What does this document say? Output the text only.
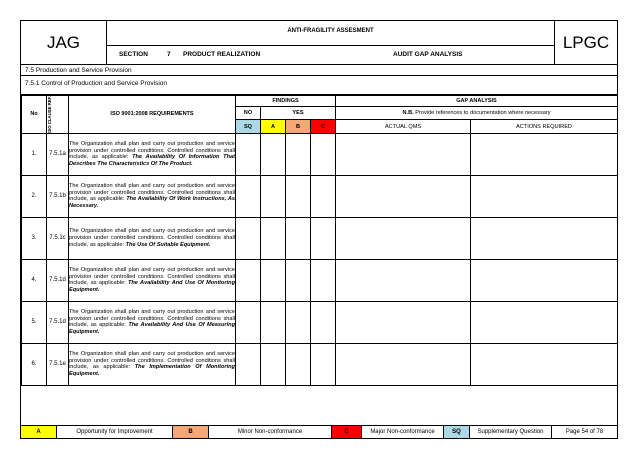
JAG
ANTI-FRAGILITY ASSESMENT
SECTION	7 PRODUCT REALIZATION	AUDIT GAP ANALYSIS
LPGC
7.5 Production and Service Provision
7.5.1 Control of Production and Service Provision
No	ISO CLAUSE REF.	ISO 9001:2008 REQUIREMENTS	FINDINGS				GAP ANALYSIS	
			NO	YES			N.B. Provide references to documentation where necessary	
			SQ	A	B	C	ACTUAL QMS	ACTIONS REQUIRED
1.	7.5.1a	The Organization shall plan and carry out production and service provision under controlled conditions. Controlled conditions shall include, as applicable: The Availability Of Information That Describes The Characteristics Of The Product.						
2.	7.5.1b	The Organization shall plan and carry out production and service provision under controlled conditions. Controlled conditions shall include, as applicable: The Availability Of Work Instructions, As Necessary.						
3.	7.5.1c	The Organization shall plan and carry out production and service provision under controlled conditions. Controlled conditions shall include, as applicable: The Use Of Suitable Equipment.						
4.	7.5.1d	The Organization shall plan and carry out production and service provision under controlled conditions. Controlled conditions shall include, as applicable: The Availability And Use Of Monitoring Equipment.						
5.	7.5.1d	The Organization shall plan and carry out production and service provision under controlled conditions. Controlled conditions shall include, as applicable: The Availability And Use Of Measuring Equipment.						
6.	7.5.1e	The Organization shall plan and carry out production and service provision under controlled conditions. Controlled conditions shall include, as applicable: The Implementation Of Monitoring Equipment.						

A	Opportunity for Improvement	B	Minor Non-conformance	C	Major Non-conformance	SQ	Supplementary Question	Page 54 of 78
